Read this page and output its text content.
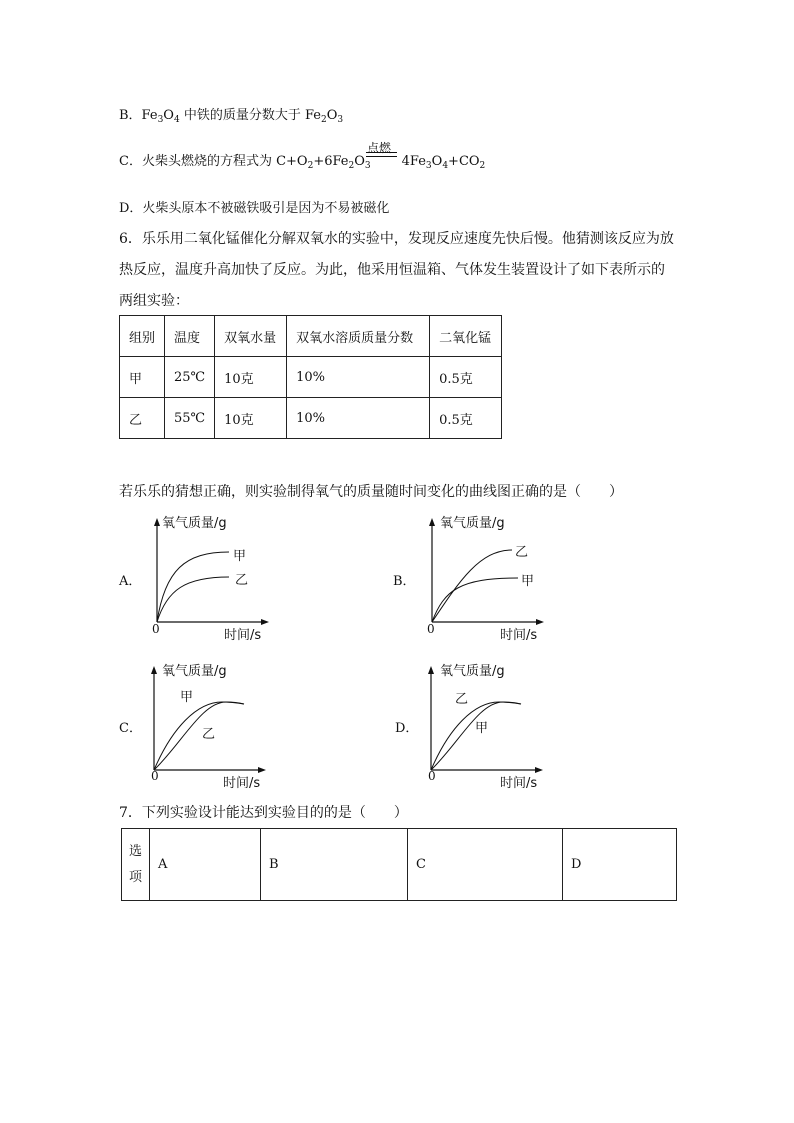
B．$Fe_3O_4$ 中铁的质量分数大于 $Fe_2O_3$
点燃
C．火柴头燃烧的方程式为 $C+O_2+6Fe_2O_3$ $4Fe_3O_4+CO_2$
D．火柴头原本不被磁铁吸引是因为不易被磁化
6．乐乐用二氧化锰催化分解双氧水的实验中，发现反应速度先快后慢。他猜测该反应为放
热反应，温度升高加快了反应。为此，他采用恒温箱、气体发生装置设计了如下表所示的
两组实验：
组别	温度	双氧水量	双氧水溶质质量分数	二氧化锰
甲	25℃	10克	10%	0.5克
乙	55℃	10克	10%	0.5克
若乐乐的猜想正确，则实验制得氧气的质量随时间变化的曲线图正确的是（　　）
A．
氧气质量/g
时间/s
0
甲
乙	B．
氧气质量/g
时间/s
0
乙
甲
C．
氧气质量/g
时间/s
0
甲
乙	D．
氧气质量/g
时间/s
0
乙
甲
7．下列实验设计能达到实验目的的是（　　）
选
项
	A	B	C	D
